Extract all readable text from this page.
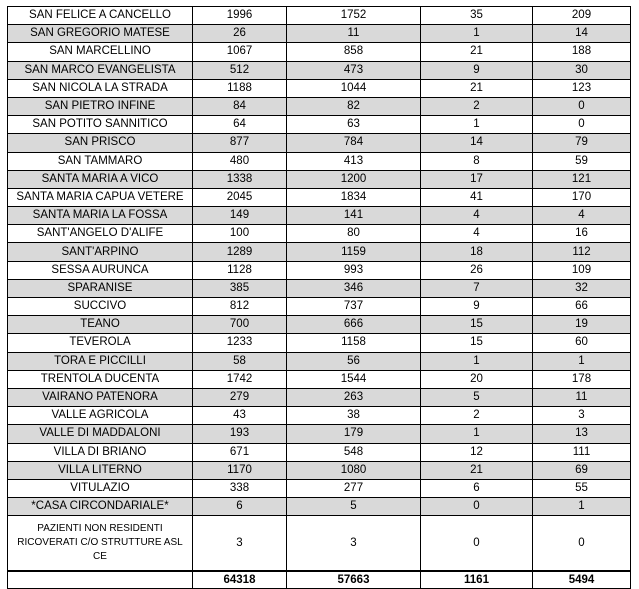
SAN FELICE A CANCELLO	1996	1752	35	209
SAN GREGORIO MATESE	26	11	1	14
SAN MARCELLINO	1067	858	21	188
SAN MARCO EVANGELISTA	512	473	9	30
SAN NICOLA LA STRADA	1188	1044	21	123
SAN PIETRO INFINE	84	82	2	0
SAN POTITO SANNITICO	64	63	1	0
SAN PRISCO	877	784	14	79
SAN TAMMARO	480	413	8	59
SANTA MARIA A VICO	1338	1200	17	121
SANTA MARIA CAPUA VETERE	2045	1834	41	170
SANTA MARIA LA FOSSA	149	141	4	4
SANT'ANGELO D'ALIFE	100	80	4	16
SANT'ARPINO	1289	1159	18	112
SESSA AURUNCA	1128	993	26	109
SPARANISE	385	346	7	32
SUCCIVO	812	737	9	66
TEANO	700	666	15	19
TEVEROLA	1233	1158	15	60
TORA E PICCILLI	58	56	1	1
TRENTOLA DUCENTA	1742	1544	20	178
VAIRANO PATENORA	279	263	5	11
VALLE AGRICOLA	43	38	2	3
VALLE DI MADDALONI	193	179	1	13
VILLA DI BRIANO	671	548	12	111
VILLA LITERNO	1170	1080	21	69
VITULAZIO	338	277	6	55
*CASA CIRCONDARIALE*	6	5	0	1
PAZIENTI NON RESIDENTI RICOVERATI C/O STRUTTURE ASL CE	3	3	0	0
	64318	57663	1161	5494
